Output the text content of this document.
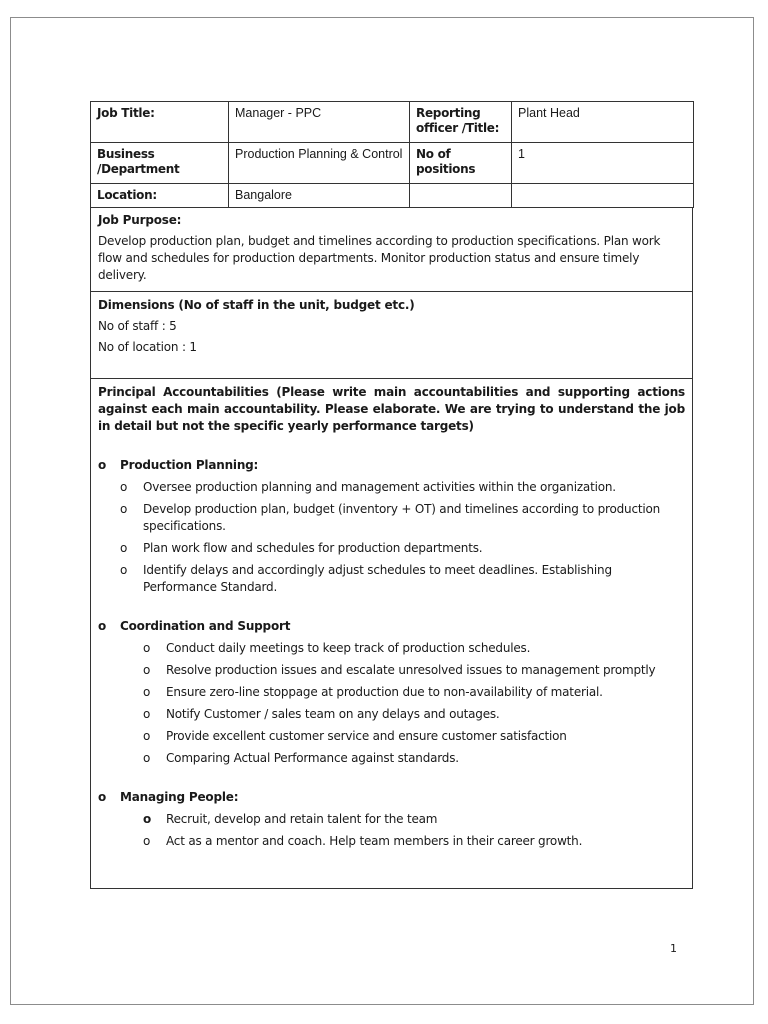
Job Title:	Manager - PPC	Reporting officer /Title:	Plant Head
Business /Department	Production Planning & Control	No of positions	1
Location:	Bangalore		

Job Purpose:

Develop production plan, budget and timelines according to production specifications. Plan work flow and schedules for production departments. Monitor production status and ensure timely delivery.

Dimensions (No of staff in the unit, budget etc.)

No of staff : 5

No of location : 1

Principal Accountabilities (Please write main accountabilities and supporting actions against each main accountability. Please elaborate. We are trying to understand the job in detail but not the specific yearly performance targets)

o Production Planning:
o Oversee production planning and management activities within the organization.
o Develop production plan, budget (inventory + OT) and timelines according to production specifications.
o Plan work flow and schedules for production departments.
o Identify delays and accordingly adjust schedules to meet deadlines. Establishing Performance Standard.
o Coordination and Support
o Conduct daily meetings to keep track of production schedules.
o Resolve production issues and escalate unresolved issues to management promptly
o Ensure zero-line stoppage at production due to non-availability of material.
o Notify Customer / sales team on any delays and outages.
o Provide excellent customer service and ensure customer satisfaction
o Comparing Actual Performance against standards.
o Managing People:
o Recruit, develop and retain talent for the team
o Act as a mentor and coach. Help team members in their career growth.
1
